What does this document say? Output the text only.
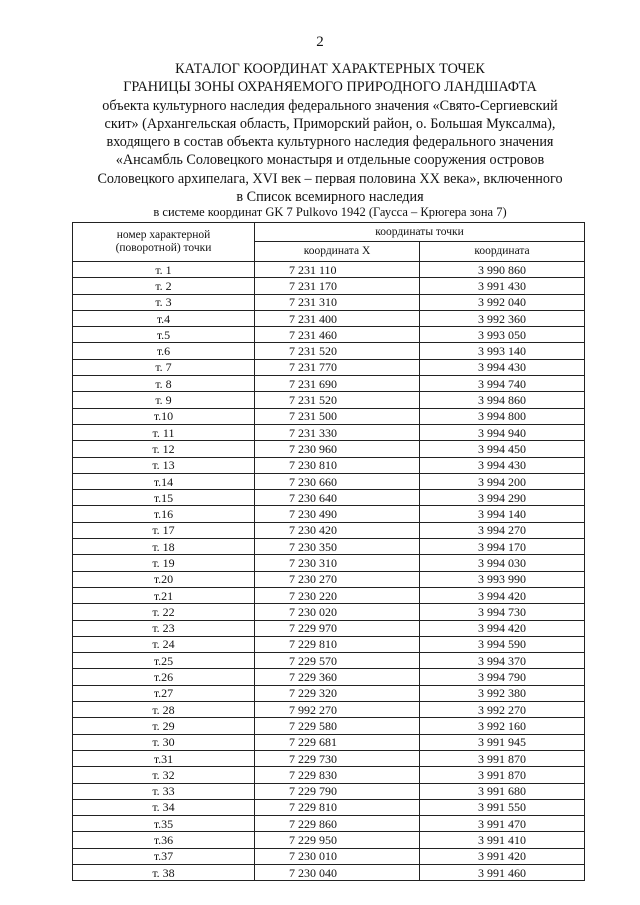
2
КАТАЛОГ КООРДИНАТ ХАРАКТЕРНЫХ ТОЧЕК
ГРАНИЦЫ ЗОНЫ ОХРАНЯЕМОГО ПРИРОДНОГО ЛАНДШАФТА
объекта культурного наследия федерального значения «Свято-Сергиевский
скит» (Архангельская область, Приморский район, о. Большая Муксалма),
входящего в состав объекта культурного наследия федерального значения
«Ансамбль Соловецкого монастыря и отдельные сооружения островов
Соловецкого архипелага, XVI век – первая половина XX века», включенного
в Список всемирного наследия
в системе координат GK 7 Pulkovo 1942 (Гаусса – Крюгера зона 7)
номер характерной
(поворотной) точки	координаты точки	
	координата X	координата
т. 1	7 231 110	3 990 860
т. 2	7 231 170	3 991 430
т. 3	7 231 310	3 992 040
т.4	7 231 400	3 992 360
т.5	7 231 460	3 993 050
т.6	7 231 520	3 993 140
т. 7	7 231 770	3 994 430
т. 8	7 231 690	3 994 740
т. 9	7 231 520	3 994 860
т.10	7 231 500	3 994 800
т. 11	7 231 330	3 994 940
т. 12	7 230 960	3 994 450
т. 13	7 230 810	3 994 430
т.14	7 230 660	3 994 200
т.15	7 230 640	3 994 290
т.16	7 230 490	3 994 140
т. 17	7 230 420	3 994 270
т. 18	7 230 350	3 994 170
т. 19	7 230 310	3 994 030
т.20	7 230 270	3 993 990
т.21	7 230 220	3 994 420
т. 22	7 230 020	3 994 730
т. 23	7 229 970	3 994 420
т. 24	7 229 810	3 994 590
т.25	7 229 570	3 994 370
т.26	7 229 360	3 994 790
т.27	7 229 320	3 992 380
т. 28	7 992 270	3 992 270
т. 29	7 229 580	3 992 160
т. 30	7 229 681	3 991 945
т.31	7 229 730	3 991 870
т. 32	7 229 830	3 991 870
т. 33	7 229 790	3 991 680
т. 34	7 229 810	3 991 550
т.35	7 229 860	3 991 470
т.36	7 229 950	3 991 410
т.37	7 230 010	3 991 420
т. 38	7 230 040	3 991 460
